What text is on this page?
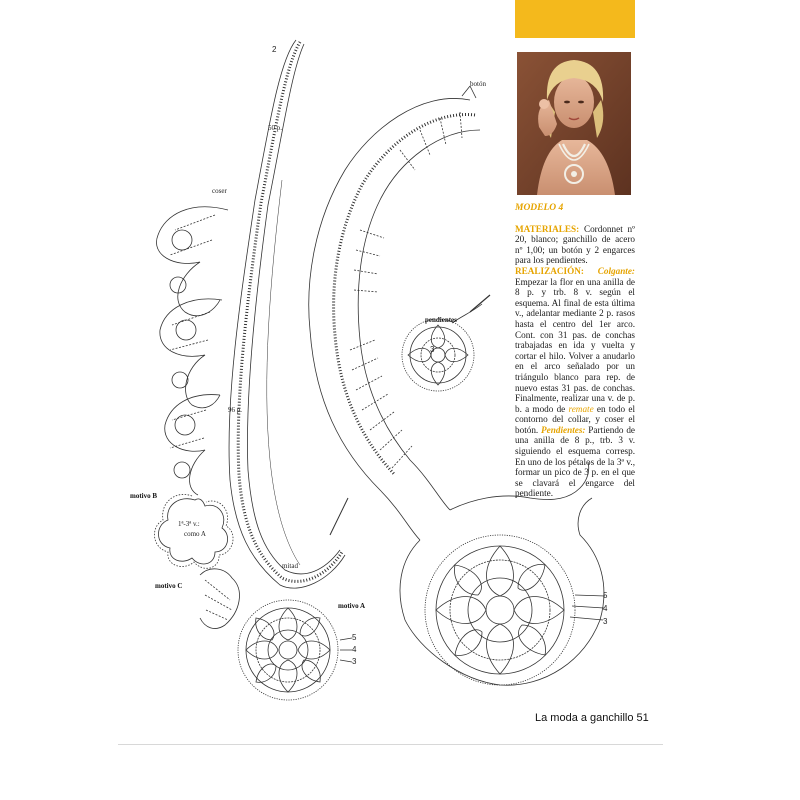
botón
50 p.
coser
96 p.
mitad
pendientes
motivo A
motivo B
motivo C
1ª-3ª v.:
como A
2
3
5
4
3
5
4
3
MODELO 4
MATERIALES: Cordonnet nº 20, blanco; ganchillo de acero nº 1,00; un botón y 2 engarces para los pendientes.
REALIZACIÓN: Colgante: Empezar la flor en una anilla de 8 p. y trb. 8 v. según el esquema. Al final de esta última v., adelantar mediante 2 p. rasos hasta el centro del 1er arco. Cont. con 31 pas. de conchas trabajadas en ida y vuelta y cortar el hilo. Volver a anudarlo en el arco señalado por un triángulo blanco para rep. de nuevo estas 31 pas. de conchas. Finalmente, realizar una v. de p. b. a modo de remate en todo el contorno del collar, y coser el botón. Pendientes: Partiendo de una anilla de 8 p., trb. 3 v. siguiendo el esquema corresp. En uno de los pétalos de la 3ª v., formar un pico de 3 p. en el que se clavará el engarce del pendiente.
La moda a ganchillo 51
